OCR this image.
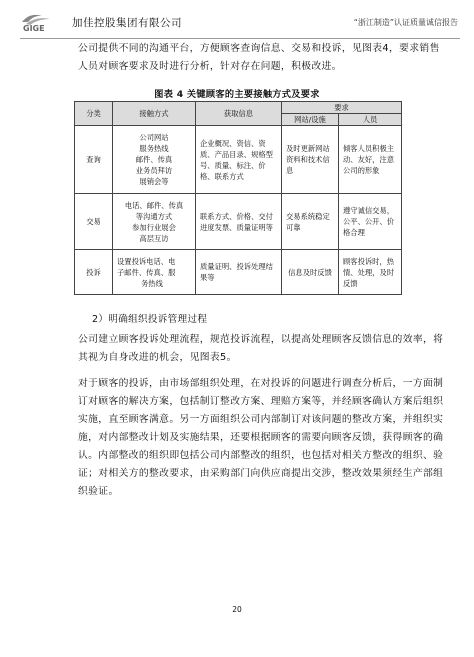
GIGE	加佳控股集团有限公司	“浙江制造”认证质量诚信报告

公司提供不同的沟通平台，方便顾客查询信息、交易和投诉，见图表4，要求销售人员对顾客要求及时进行分析，针对存在问题，积极改进。

图表 4 关键顾客的主要接触方式及要求
分类	接触方式	获取信息	要求	
			网站/设施	人员
查询	公司网站
服务热线
邮件、传真
业务员拜访
展销会等	企业概况、资信、资质、产品目录、规格型号、质量、标注、价格、联系方式	及时更新网站资料和技术信息	倾客人员积极主动、友好，注意公司的形象
交易	电话、邮件、传真
等沟通方式
参加行业展会
高层互访	联系方式、价格、交付进度发票、质量证明等	交易系统稳定可靠	遵守诚信交易，公平、公开、价格合理
投诉	设置投诉电话、电
子邮件、传真、服
务热线	质量证明、投诉处理结果等	信息及时反馈	顾客投诉时，热情、处理，及时反馈
2）明确组织投诉管理过程

公司建立顾客投诉处理流程，规范投诉流程，以提高处理顾客反馈信息的效率，将其视为自身改进的机会，见图表5。

对于顾客的投诉，由市场部组织处理，在对投诉的问题进行调查分析后，一方面制订对顾客的解决方案，包括制订整改方案、理赔方案等，并经顾客确认方案后组织实施，直至顾客满意。另一方面组织公司内部制订对该问题的整改方案，并组织实施，对内部整改计划及实施结果，还要根据顾客的需要向顾客反馈，获得顾客的确认。内部整改的组织即包括公司内部整改的组织，也包括对相关方整改的组织、验证；对相关方的整改要求，由采购部门向供应商提出交涉，整改效果须经生产部组织验证。

20
